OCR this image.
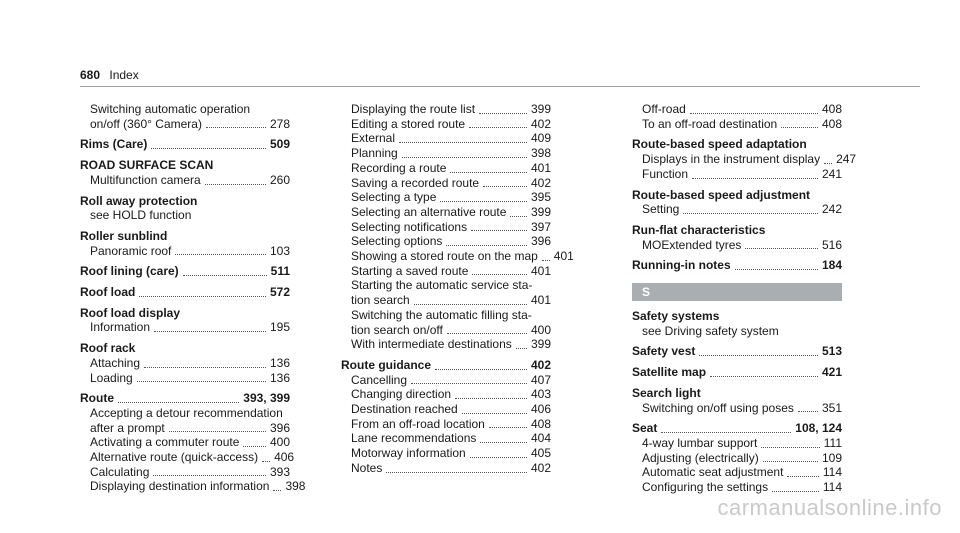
680 Index
Switching automatic operation
on/off (360° Camera)	278
Rims (Care)	509
ROAD SURFACE SCAN
Multifunction camera	260
Roll away protection
see HOLD function
Roller sunblind
Panoramic roof	103
Roof lining (care)	511
Roof load	572
Roof load display
Information	195
Roof rack
Attaching	136
Loading	136
Route	393, 399
Accepting a detour recommendation
after a prompt	396
Activating a commuter route	400
Alternative route (quick-access) 406
Calculating	393
Displaying destination information 398
Displaying the route list	399
Editing a stored route	402
External	409
Planning	398
Recording a route	401
Saving a recorded route	402
Selecting a type	395
Selecting an alternative route 399
Selecting notifications	397
Selecting options	396
Showing a stored route on the map 401
Starting a saved route	401
Starting the automatic service sta-
tion search	401
Switching the automatic filling sta-
tion search on/off	400
With intermediate destinations 399
Route guidance	402
Cancelling	407
Changing direction	403
Destination reached	406
From an off-road location	408
Lane recommendations	404
Motorway information	405
Notes	402
Off-road	408
To an off-road destination	408
Route-based speed adaptation
Displays in the instrument display 247
Function	241
Route-based speed adjustment
Setting	242
Run-flat characteristics
MOExtended tyres	516
Running-in notes	184
S
Safety systems
see Driving safety system
Safety vest	513
Satellite map	421
Search light
Switching on/off using poses 351
Seat	108, 124
4-way lumbar support	111
Adjusting (electrically)	109
Automatic seat adjustment	114
Configuring the settings	114
carmanualsonline.info
